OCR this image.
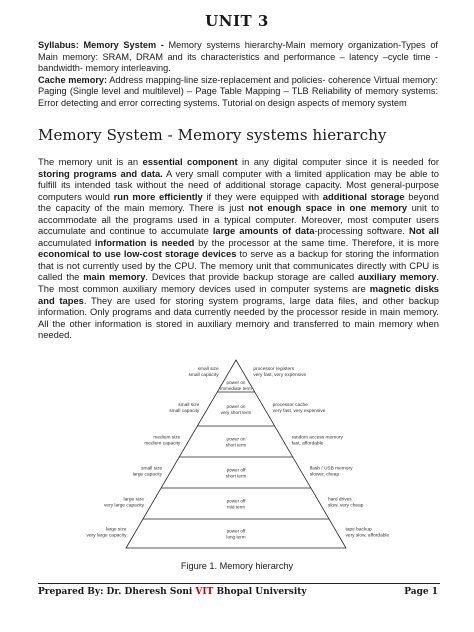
UNIT 3
Syllabus: Memory System - Memory systems hierarchy-Main memory organization-Types of Main memory: SRAM, DRAM and its characteristics and performance – latency –cycle time -bandwidth- memory interleaving.
Cache memory: Address mapping-line size-replacement and policies- coherence Virtual memory: Paging (Single level and multilevel) – Page Table Mapping – TLB Reliability of memory systems: Error detecting and error correcting systems. Tutorial on design aspects of memory system
Memory System - Memory systems hierarchy

The memory unit is an essential component in any digital computer since it is needed for storing programs and data. A very small computer with a limited application may be able to fulfill its intended task without the need of additional storage capacity. Most general-purpose computers would run more efficiently if they were equipped with additional storage beyond the capacity of the main memory. There is just not enough space in one memory unit to accommodate all the programs used in a typical computer. Moreover, most computer users accumulate and continue to accumulate large amounts of data-processing software. Not all accumulated information is needed by the processor at the same time. Therefore, it is more economical to use low-cost storage devices to serve as a backup for storing the information that is not currently used by the CPU. The memory unit that communicates directly with CPU is called the main memory. Devices that provide backup storage are called auxiliary memory. The most common auxiliary memory devices used in computer systems are magnetic disks and tapes. They are used for storing system programs, large data files, and other backup information. Only programs and data currently needed by the processor reside in main memory. All the other information is stored in auxiliary memory and transferred to main memory when needed.

power on
immediate term
small size
small capacity
processor registers
very fast, very expensive
power on
very short term
small size
small capacity
processor cache
very fast, very expensive
power on
short term
medium size
medium capacity
random access memory
fast, affordable
power off
short term
small size
large capacity
flash / USB memory
slower, cheap
power off
mid term
large size
very large capacity
hard drives
slow, very cheap
power off
long term
large size
very large capacity
tape backup
very slow, affordable
Figure 1. Memory hierarchy
Prepared By: Dr. Dheresh Soni VIT Bhopal University	Page 1
